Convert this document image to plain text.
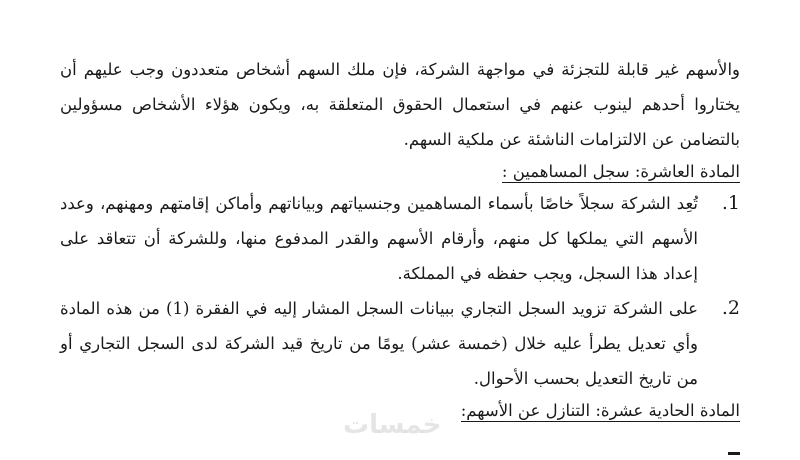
والأسهم غير قابلة للتجزئة في مواجهة الشركة، فإن ملك السهم أشخاص متعددون وجب عليهم أن يختاروا أحدهم لينوب عنهم في استعمال الحقوق المتعلقة به، ويكون هؤلاء الأشخاص مسؤولين بالتضامن عن الالتزامات الناشئة عن ملكية السهم.

المادة العاشرة: سجل المساهمين :

1.
تُعِد الشركة سجلاً خاصًا بأسماء المساهمين وجنسياتهم وبياناتهم وأماكن إقامتهم ومهنهم، وعدد الأسهم التي يملكها كل منهم، وأرقام الأسهم والقدر المدفوع منها، وللشركة أن تتعاقد على إعداد هذا السجل، ويجب حفظه في المملكة.
2.
على الشركة تزويد السجل التجاري ببيانات السجل المشار إليه في الفقرة (1) من هذه المادة وأي تعديل يطرأ عليه خلال (خمسة عشر) يومًا من تاريخ قيد الشركة لدى السجل التجاري أو من تاريخ التعديل بحسب الأحوال.

المادة الحادية عشرة: التنازل عن الأسهم:

خمسات
